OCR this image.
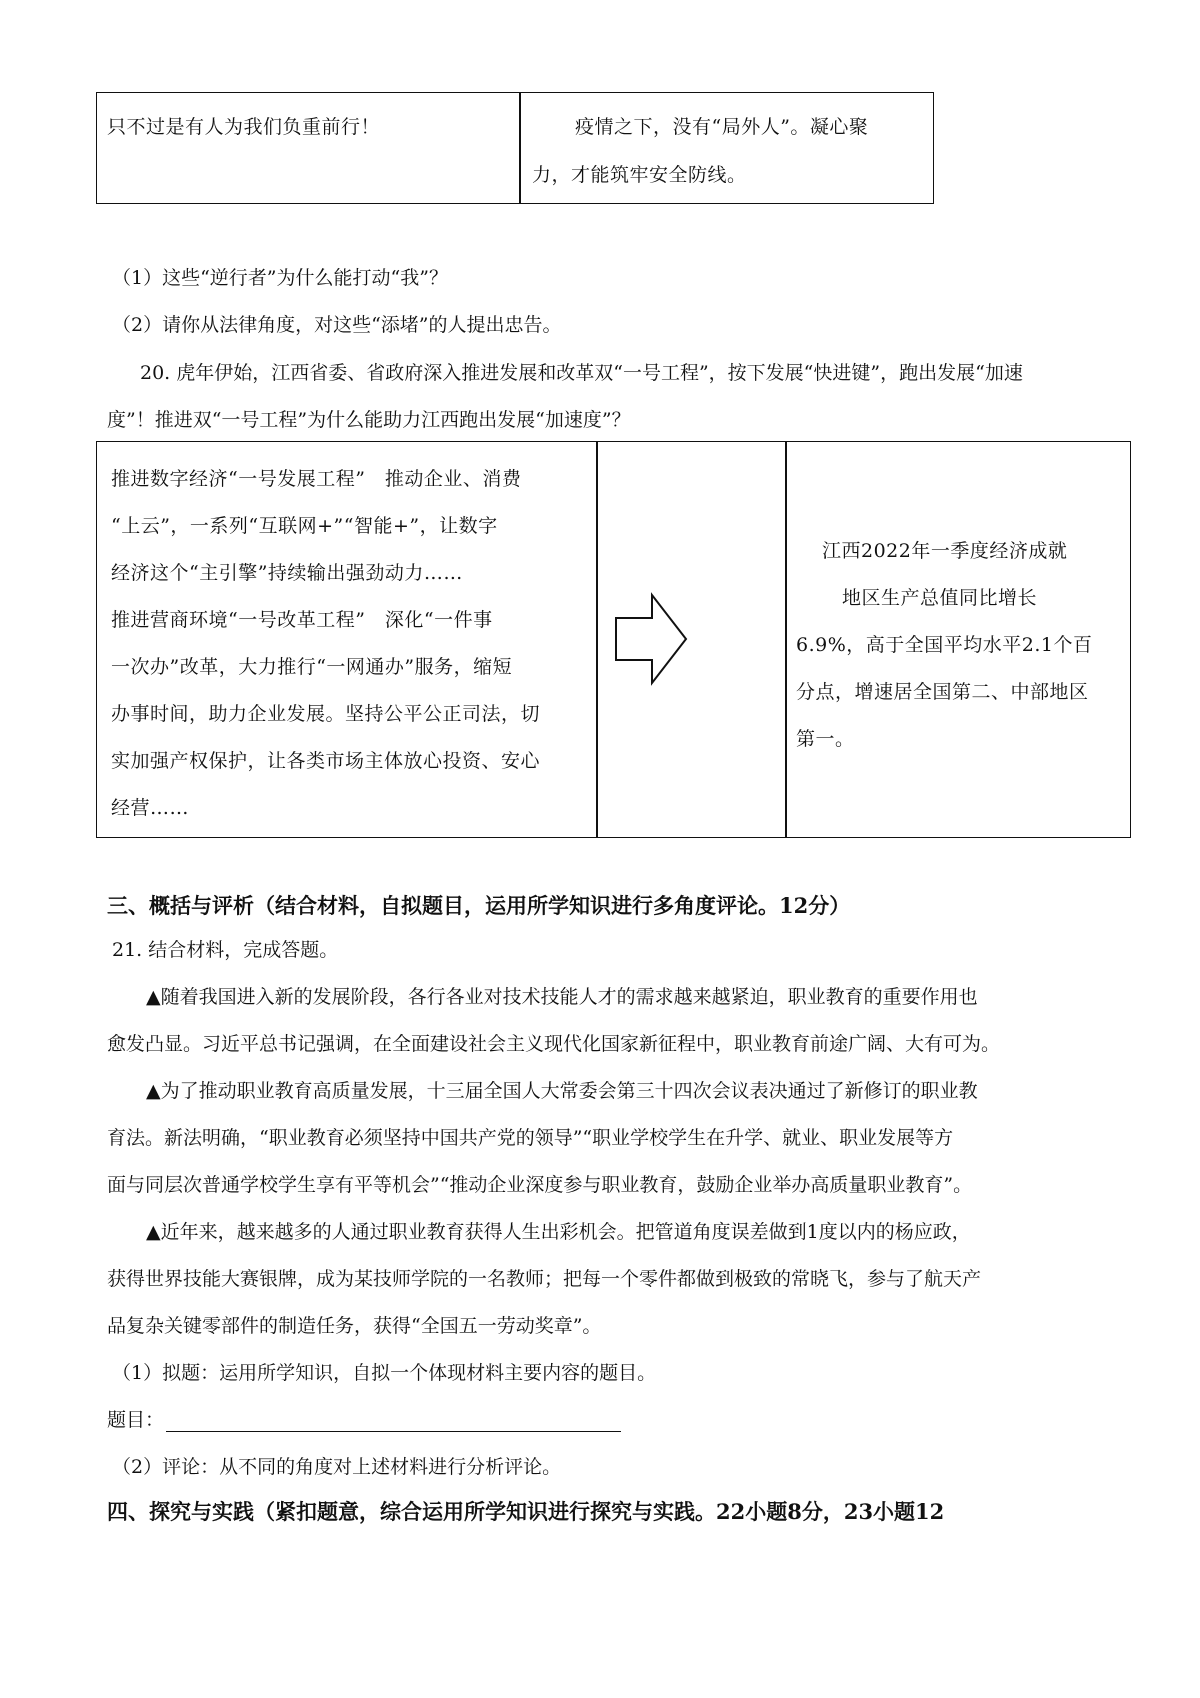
只不过是有人为我们负重前行！	疫情之下，没有“局外人”。凝心聚
力，才能筑牢安全防线。
（1）这些“逆行者”为什么能打动“我”？
（2）请你从法律角度，对这些“添堵”的人提出忠告。
20. 虎年伊始，江西省委、省政府深入推进发展和改革双“一号工程”，按下发展“快进键”，跑出发展“加速
度”！推进双“一号工程”为什么能助力江西跑出发展“加速度”？
推进数字经济“一号发展工程”　推动企业、消费
“上云”，一系列“互联网+”“智能+”，让数字
经济这个“主引擎”持续输出强劲动力……
推进营商环境“一号改革工程”　深化“一件事
一次办”改革，大力推行“一网通办”服务，缩短
办事时间，助力企业发展。坚持公平公正司法，切
实加强产权保护，让各类市场主体放心投资、安心
经营……
江西2022年一季度经济成就
地区生产总值同比增长
6.9%，高于全国平均水平2.1个百
分点，增速居全国第二、中部地区
第一。
三、概括与评析（结合材料，自拟题目，运用所学知识进行多角度评论。12分）
21. 结合材料，完成答题。
▲随着我国进入新的发展阶段，各行各业对技术技能人才的需求越来越紧迫，职业教育的重要作用也
愈发凸显。习近平总书记强调，在全面建设社会主义现代化国家新征程中，职业教育前途广阔、大有可为。
▲为了推动职业教育高质量发展，十三届全国人大常委会第三十四次会议表决通过了新修订的职业教
育法。新法明确，“职业教育必须坚持中国共产党的领导”“职业学校学生在升学、就业、职业发展等方
面与同层次普通学校学生享有平等机会”“推动企业深度参与职业教育，鼓励企业举办高质量职业教育”。
▲近年来，越来越多的人通过职业教育获得人生出彩机会。把管道角度误差做到1度以内的杨应政，
获得世界技能大赛银牌，成为某技师学院的一名教师；把每一个零件都做到极致的常晓飞，参与了航天产
品复杂关键零部件的制造任务，获得“全国五一劳动奖章”。
（1）拟题：运用所学知识，自拟一个体现材料主要内容的题目。
题目：
（2）评论：从不同的角度对上述材料进行分析评论。
四、探究与实践（紧扣题意，综合运用所学知识进行探究与实践。22小题8分，23小题12
